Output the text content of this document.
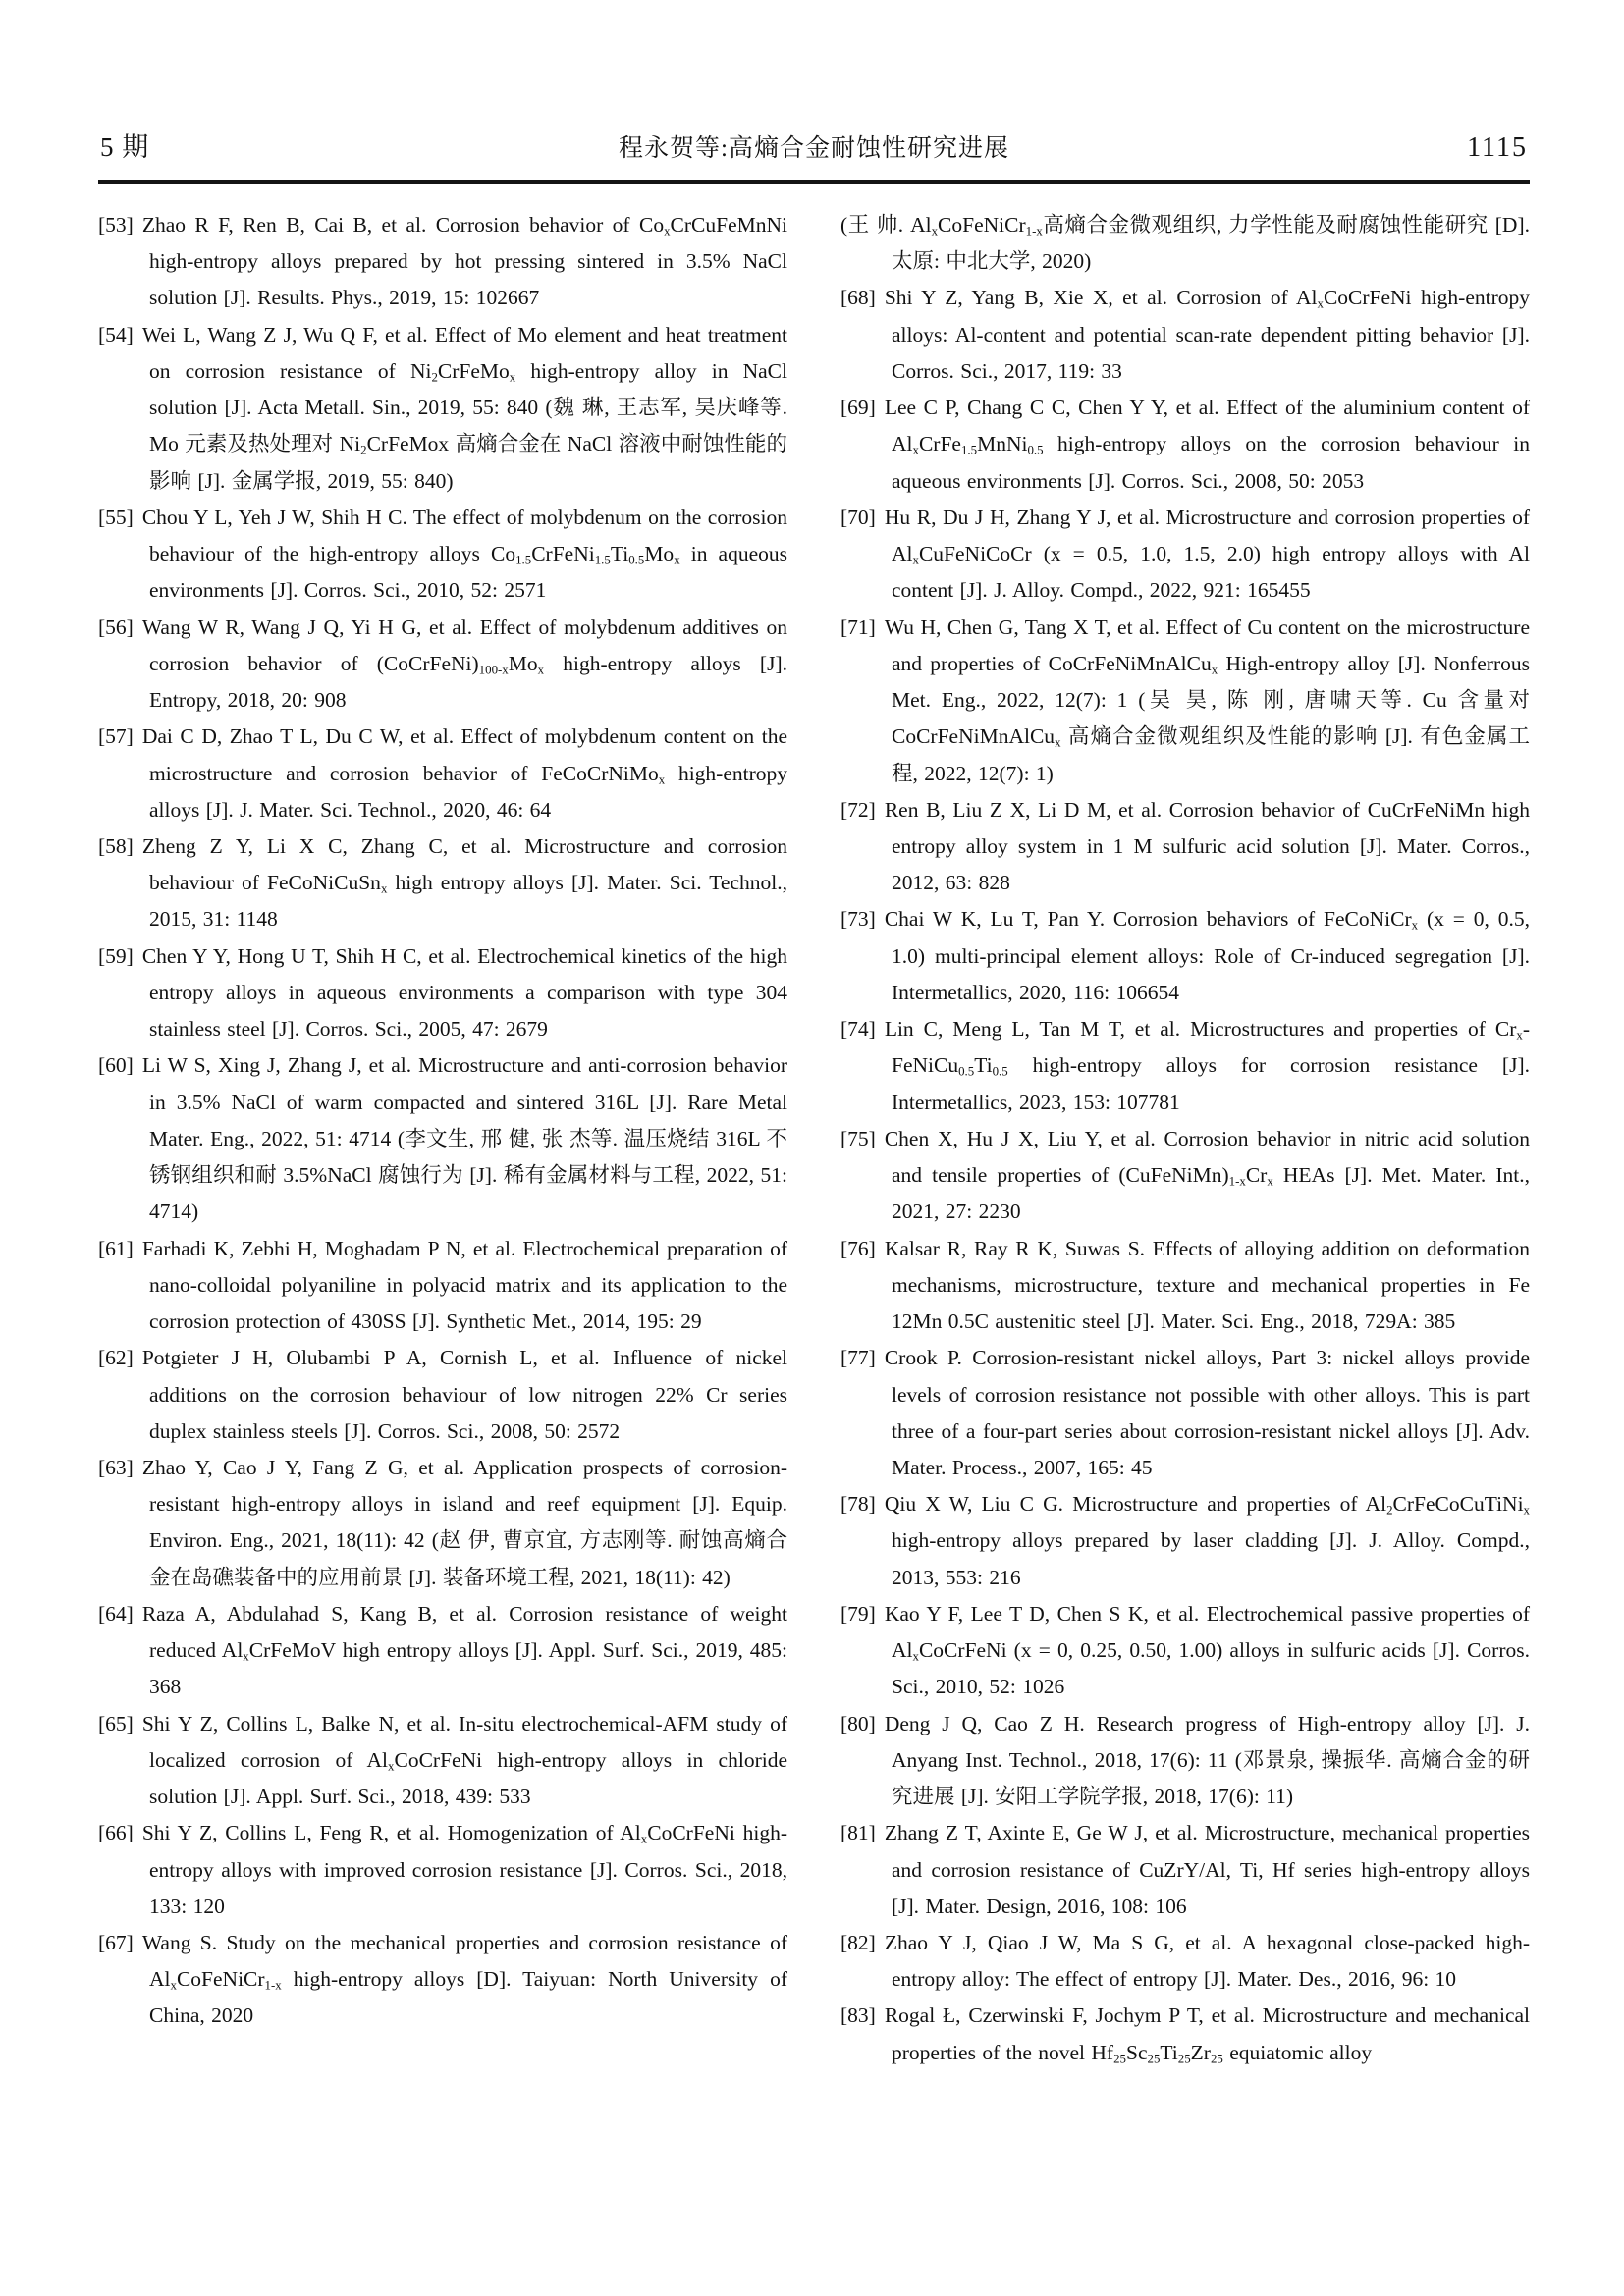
5 期	程永贺等:高熵合金耐蚀性研究进展	1115

[53] Zhao R F, Ren B, Cai B, et al. Corrosion behavior of $Co_xCrCuFeMnNi$ high-entropy alloys prepared by hot pressing sintered in 3.5% NaCl solution [J]. Results. Phys., 2019, 15: 102667

[54] Wei L, Wang Z J, Wu Q F, et al. Effect of Mo element and heat treatment on corrosion resistance of $Ni_2CrFeMo_x$ high-entropy alloy in NaCl solution [J]. Acta Metall. Sin., 2019, 55: 840 (魏 琳, 王志军, 吴庆峰等. Mo 元素及热处理对 $Ni_2CrFeMox$ 高熵合金在 NaCl 溶液中耐蚀性能的影响 [J]. 金属学报, 2019, 55: 840)

[55] Chou Y L, Yeh J W, Shih H C. The effect of molybdenum on the corrosion behaviour of the high-entropy alloys $Co_{1.5}CrFeNi_{1.5}Ti_{0.5}Mo_x$ in aqueous environments [J]. Corros. Sci., 2010, 52: 2571

[56] Wang W R, Wang J Q, Yi H G, et al. Effect of molybdenum additives on corrosion behavior of $(CoCrFeNi)_{100-x}Mo_x$ high-entropy alloys [J]. Entropy, 2018, 20: 908

[57] Dai C D, Zhao T L, Du C W, et al. Effect of molybdenum content on the microstructure and corrosion behavior of FeCoCrNiMo$_x$ high-entropy alloys [J]. J. Mater. Sci. Technol., 2020, 46: 64

[58] Zheng Z Y, Li X C, Zhang C, et al. Microstructure and corrosion behaviour of FeCoNiCuSn$_x$ high entropy alloys [J]. Mater. Sci. Technol., 2015, 31: 1148

[59] Chen Y Y, Hong U T, Shih H C, et al. Electrochemical kinetics of the high entropy alloys in aqueous environments a comparison with type 304 stainless steel [J]. Corros. Sci., 2005, 47: 2679

[60] Li W S, Xing J, Zhang J, et al. Microstructure and anti-corrosion behavior in 3.5% NaCl of warm compacted and sintered 316L [J]. Rare Metal Mater. Eng., 2022, 51: 4714 (李文生, 邢 健, 张 杰等. 温压烧结 316L 不锈钢组织和耐 3.5%NaCl 腐蚀行为 [J]. 稀有金属材料与工程, 2022, 51: 4714)

[61] Farhadi K, Zebhi H, Moghadam P N, et al. Electrochemical preparation of nano-colloidal polyaniline in polyacid matrix and its application to the corrosion protection of 430SS [J]. Synthetic Met., 2014, 195: 29

[62] Potgieter J H, Olubambi P A, Cornish L, et al. Influence of nickel additions on the corrosion behaviour of low nitrogen 22% Cr series duplex stainless steels [J]. Corros. Sci., 2008, 50: 2572

[63] Zhao Y, Cao J Y, Fang Z G, et al. Application prospects of corrosion-resistant high-entropy alloys in island and reef equipment [J]. Equip. Environ. Eng., 2021, 18(11): 42 (赵 伊, 曹京宜, 方志刚等. 耐蚀高熵合金在岛礁装备中的应用前景 [J]. 装备环境工程, 2021, 18(11): 42)

[64] Raza A, Abdulahad S, Kang B, et al. Corrosion resistance of weight reduced $Al_xCrFeMoV$ high entropy alloys [J]. Appl. Surf. Sci., 2019, 485: 368

[65] Shi Y Z, Collins L, Balke N, et al. In-situ electrochemical-AFM study of localized corrosion of $Al_xCoCrFeNi$ high-entropy alloys in chloride solution [J]. Appl. Surf. Sci., 2018, 439: 533

[66] Shi Y Z, Collins L, Feng R, et al. Homogenization of $Al_xCoCrFeNi$ high-entropy alloys with improved corrosion resistance [J]. Corros. Sci., 2018, 133: 120

[67] Wang S. Study on the mechanical properties and corrosion resistance of $Al_xCoFeNiCr_{1-x}$ high-entropy alloys [D]. Taiyuan: North University of China, 2020

(王 帅. $Al_xCoFeNiCr_{1-x}$高熵合金微观组织, 力学性能及耐腐蚀性能研究 [D]. 太原: 中北大学, 2020)

[68] Shi Y Z, Yang B, Xie X, et al. Corrosion of $Al_xCoCrFeNi$ high-entropy alloys: Al-content and potential scan-rate dependent pitting behavior [J]. Corros. Sci., 2017, 119: 33

[69] Lee C P, Chang C C, Chen Y Y, et al. Effect of the aluminium content of $Al_xCrFe_{1.5}MnNi_{0.5}$ high-entropy alloys on the corrosion behaviour in aqueous environments [J]. Corros. Sci., 2008, 50: 2053

[70] Hu R, Du J H, Zhang Y J, et al. Microstructure and corrosion properties of $Al_xCuFeNiCoCr$ (x = 0.5, 1.0, 1.5, 2.0) high entropy alloys with Al content [J]. J. Alloy. Compd., 2022, 921: 165455

[71] Wu H, Chen G, Tang X T, et al. Effect of Cu content on the microstructure and properties of CoCrFeNiMnAlCu$_x$ High-entropy alloy [J]. Nonferrous Met. Eng., 2022, 12(7): 1 (吴 昊, 陈 刚, 唐啸天等. Cu 含量对 CoCrFeNiMnAlCu$_x$ 高熵合金微观组织及性能的影响 [J]. 有色金属工程, 2022, 12(7): 1)

[72] Ren B, Liu Z X, Li D M, et al. Corrosion behavior of CuCrFeNiMn high entropy alloy system in 1 M sulfuric acid solution [J]. Mater. Corros., 2012, 63: 828

[73] Chai W K, Lu T, Pan Y. Corrosion behaviors of FeCoNiCr$_x$ (x = 0, 0.5, 1.0) multi-principal element alloys: Role of Cr-induced segregation [J]. Intermetallics, 2020, 116: 106654

[74] Lin C, Meng L, Tan M T, et al. Microstructures and properties of $Cr_x-FeNiCu_{0.5}Ti_{0.5}$ high-entropy alloys for corrosion resistance [J]. Intermetallics, 2023, 153: 107781

[75] Chen X, Hu J X, Liu Y, et al. Corrosion behavior in nitric acid solution and tensile properties of $(CuFeNiMn)_{1-x}Cr_x$ HEAs [J]. Met. Mater. Int., 2021, 27: 2230

[76] Kalsar R, Ray R K, Suwas S. Effects of alloying addition on deformation mechanisms, microstructure, texture and mechanical properties in Fe 12Mn 0.5C austenitic steel [J]. Mater. Sci. Eng., 2018, 729A: 385

[77] Crook P. Corrosion-resistant nickel alloys, Part 3: nickel alloys provide levels of corrosion resistance not possible with other alloys. This is part three of a four-part series about corrosion-resistant nickel alloys [J]. Adv. Mater. Process., 2007, 165: 45

[78] Qiu X W, Liu C G. Microstructure and properties of $Al_2CrFeCoCuTiNi_x$ high-entropy alloys prepared by laser cladding [J]. J. Alloy. Compd., 2013, 553: 216

[79] Kao Y F, Lee T D, Chen S K, et al. Electrochemical passive properties of $Al_xCoCrFeNi$ (x = 0, 0.25, 0.50, 1.00) alloys in sulfuric acids [J]. Corros. Sci., 2010, 52: 1026

[80] Deng J Q, Cao Z H. Research progress of High-entropy alloy [J]. J. Anyang Inst. Technol., 2018, 17(6): 11 (邓景泉, 操振华. 高熵合金的研究进展 [J]. 安阳工学院学报, 2018, 17(6): 11)

[81] Zhang Z T, Axinte E, Ge W J, et al. Microstructure, mechanical properties and corrosion resistance of CuZrY/Al, Ti, Hf series high-entropy alloys [J]. Mater. Design, 2016, 108: 106

[82] Zhao Y J, Qiao J W, Ma S G, et al. A hexagonal close-packed high-entropy alloy: The effect of entropy [J]. Mater. Des., 2016, 96: 10

[83] Rogal Ł, Czerwinski F, Jochym P T, et al. Microstructure and mechanical properties of the novel $Hf_{25}Sc_{25}Ti_{25}Zr_{25}$ equiatomic alloy
